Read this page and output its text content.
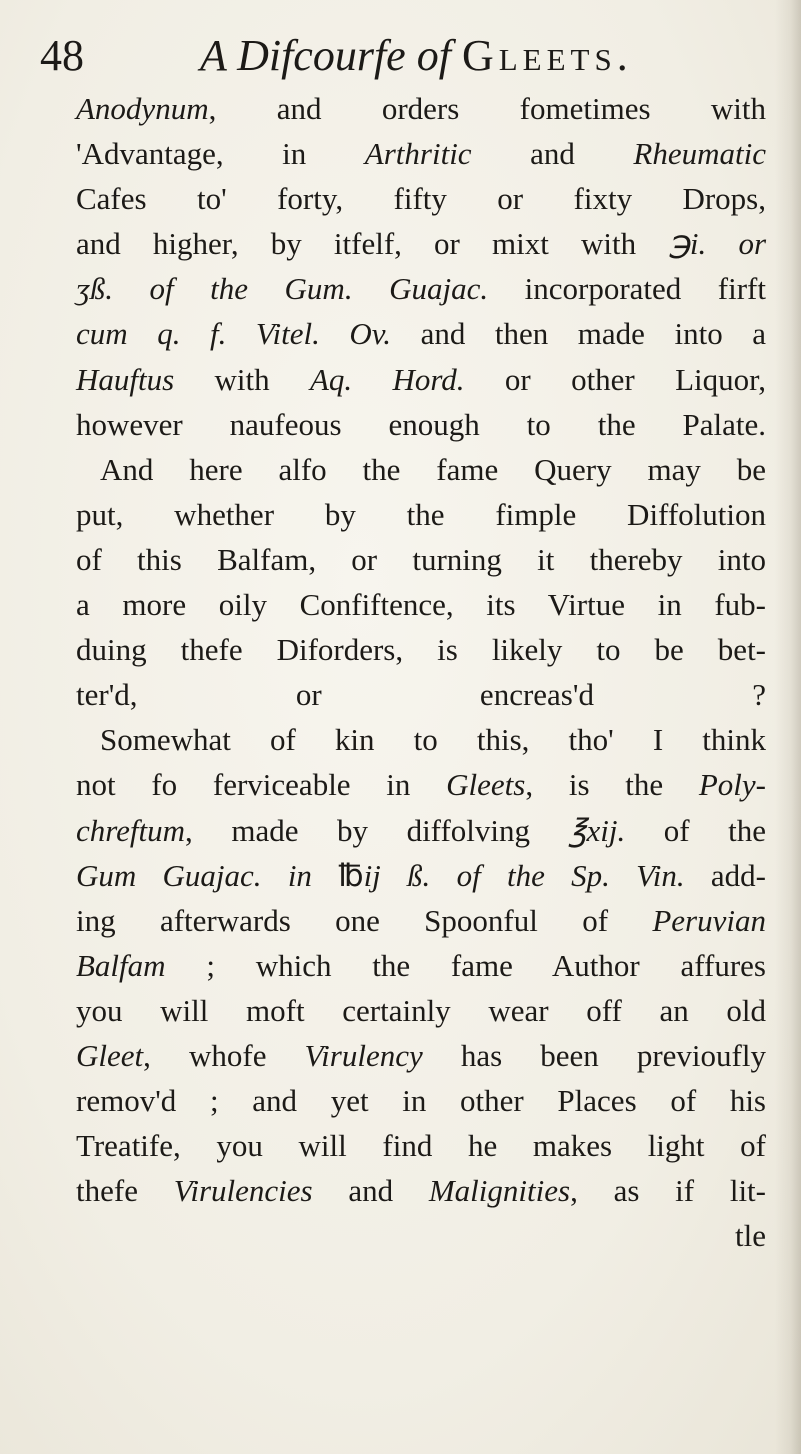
48	A Difcourfe of Gleets.
Anodynum, and orders fometimes with
'Advantage, in Arthritic and Rheumatic
Cafes to' forty, fifty or fixty Drops,
and higher, by itfelf, or mixt with ℈i. or
ʒß. of the Gum. Guajac. incorporated firft
cum q. f. Vitel. Ov. and then made into a
Hauftus with Aq. Hord. or other Liquor,
however naufeous enough to the Palate.
And here alfo the fame Query may be
put, whether by the fimple Diffolution
of this Balfam, or turning it thereby into
a more oily Confiftence, its Virtue in fub-
duing thefe Diforders, is likely to be bet-
ter'd, or encreas'd ?
Somewhat of kin to this, tho' I think
not fo ferviceable in Gleets, is the Poly-
chreftum, made by diffolving ℥xij. of the
Gum Guajac. in ℔ij ß. of the Sp. Vin. add-
ing afterwards one Spoonful of Peruvian
Balfam ; which the fame Author affures
you will moft certainly wear off an old
Gleet, whofe Virulency has been previoufly
remov'd ; and yet in other Places of his
Treatife, you will find he makes light of
thefe Virulencies and Malignities, as if lit-
tle
